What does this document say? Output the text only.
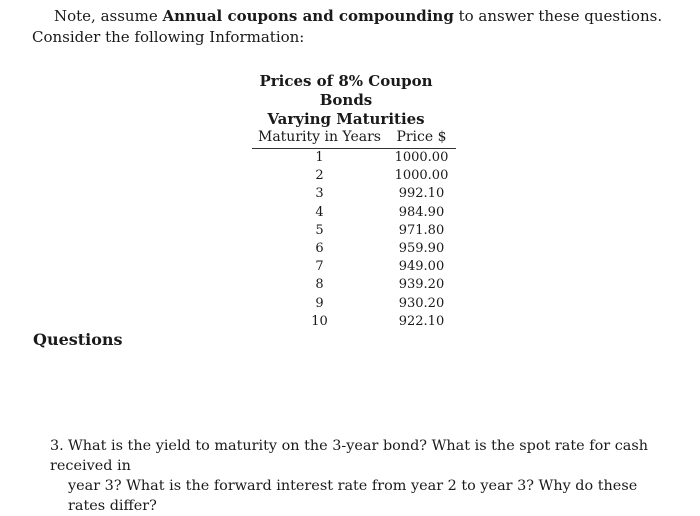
Note, assume Annual coupons and compounding to answer these questions. Consider the following Information:

Prices of 8% Coupon Bonds

Varying Maturities

Maturity in Years	Price $
1	1000.00
2	1000.00
3	992.10
4	984.90
5	971.80
6	959.90
7	949.00
8	939.20
9	930.20
10	922.10
Questions

3. What is the yield to maturity on the 3-year bond? What is the spot rate for cash received in
year 3? What is the forward interest rate from year 2 to year 3? Why do these rates differ?
